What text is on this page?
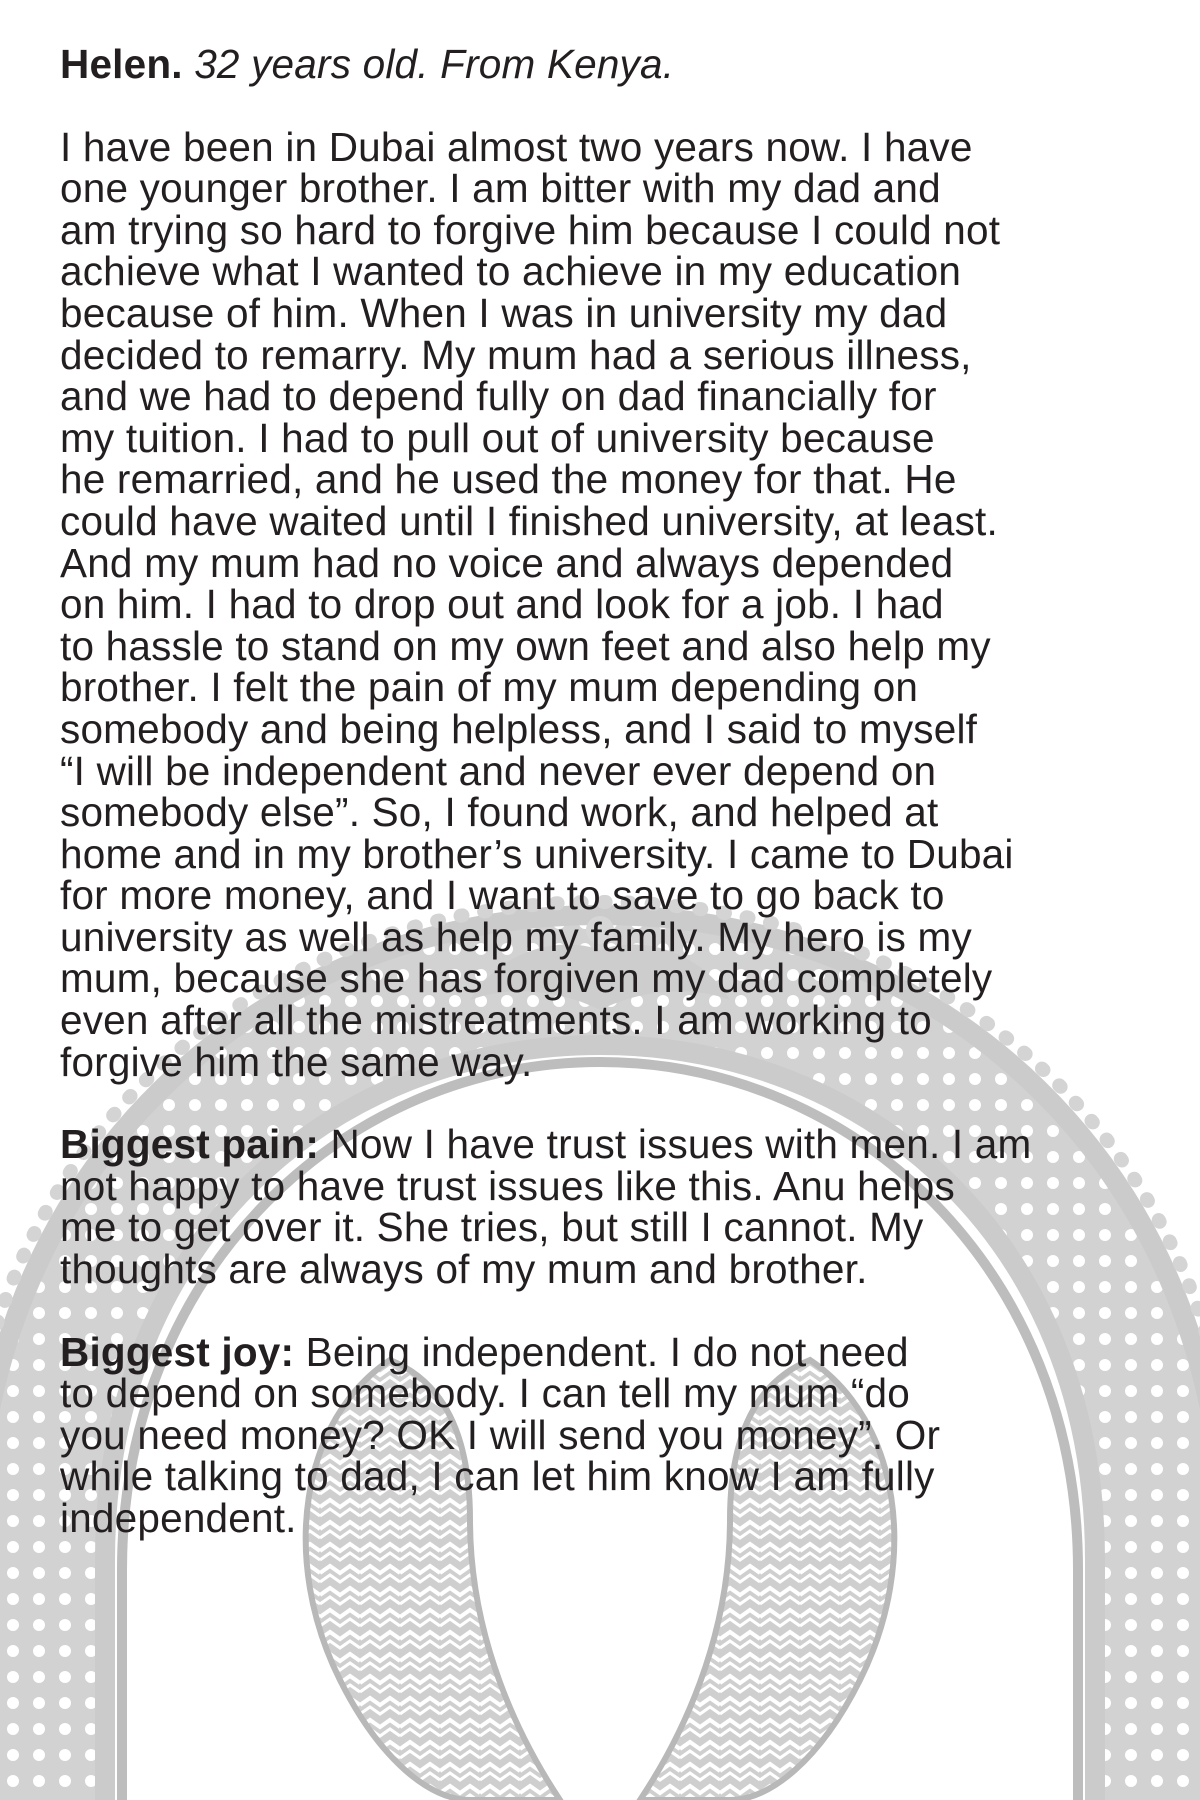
Helen. 32 years old. From Kenya.
I have been in Dubai almost two years now. I have
one younger brother. I am bitter with my dad and
am trying so hard to forgive him because I could not
achieve what I wanted to achieve in my education
because of him. When I was in university my dad
decided to remarry. My mum had a serious illness,
and we had to depend fully on dad financially for
my tuition. I had to pull out of university because
he remarried, and he used the money for that. He
could have waited until I finished university, at least.
And my mum had no voice and always depended
on him. I had to drop out and look for a job. I had
to hassle to stand on my own feet and also help my
brother. I felt the pain of my mum depending on
somebody and being helpless, and I said to myself
“I will be independent and never ever depend on
somebody else”. So, I found work, and helped at
home and in my brother’s university. I came to Dubai
for more money, and I want to save to go back to
university as well as help my family. My hero is my
mum, because she has forgiven my dad completely
even after all the mistreatments. I am working to
forgive him the same way.
Biggest pain: Now I have trust issues with men. I am
not happy to have trust issues like this. Anu helps
me to get over it. She tries, but still I cannot. My
thoughts are always of my mum and brother.
Biggest joy: Being independent. I do not need
to depend on somebody. I can tell my mum “do
you need money? OK I will send you money”. Or
while talking to dad, I can let him know I am fully
independent.
